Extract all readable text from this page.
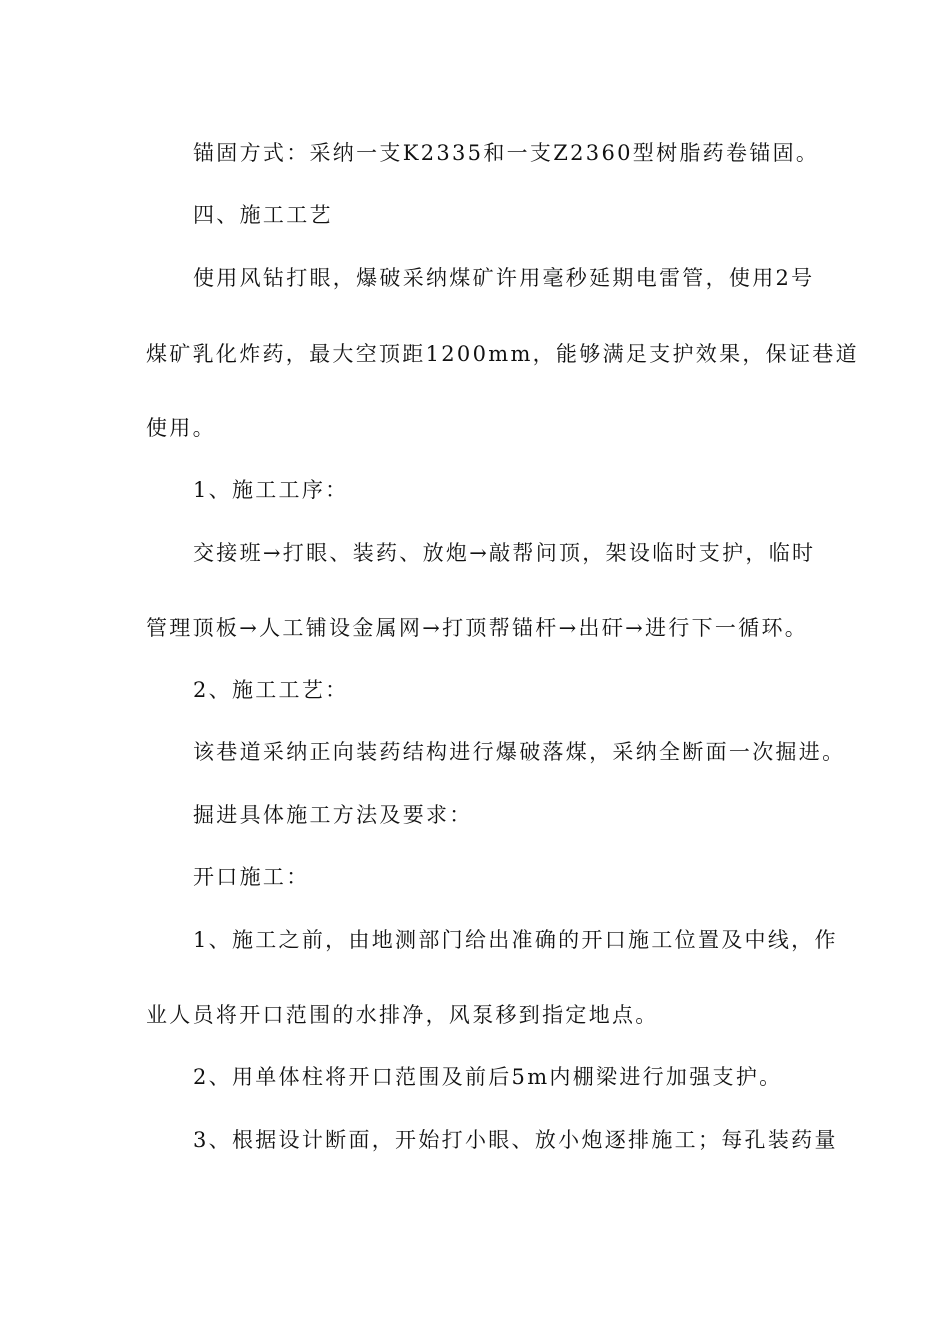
锚固方式：采纳一支K2335和一支Z2360型树脂药卷锚固。
四、施工工艺
使用风钻打眼，爆破采纳煤矿许用毫秒延期电雷管，使用2号
煤矿乳化炸药，最大空顶距1200mm，能够满足支护效果，保证巷道
使用。
1、施工工序：
交接班→打眼、装药、放炮→敲帮问顶，架设临时支护，临时
管理顶板→人工铺设金属网→打顶帮锚杆→出矸→进行下一循环。
2、施工工艺：
该巷道采纳正向装药结构进行爆破落煤，采纳全断面一次掘进。
掘进具体施工方法及要求：
开口施工：
1、施工之前，由地测部门给出准确的开口施工位置及中线，作
业人员将开口范围的水排净，风泵移到指定地点。
2、用单体柱将开口范围及前后5m内棚梁进行加强支护。
3、根据设计断面，开始打小眼、放小炮逐排施工；每孔装药量
